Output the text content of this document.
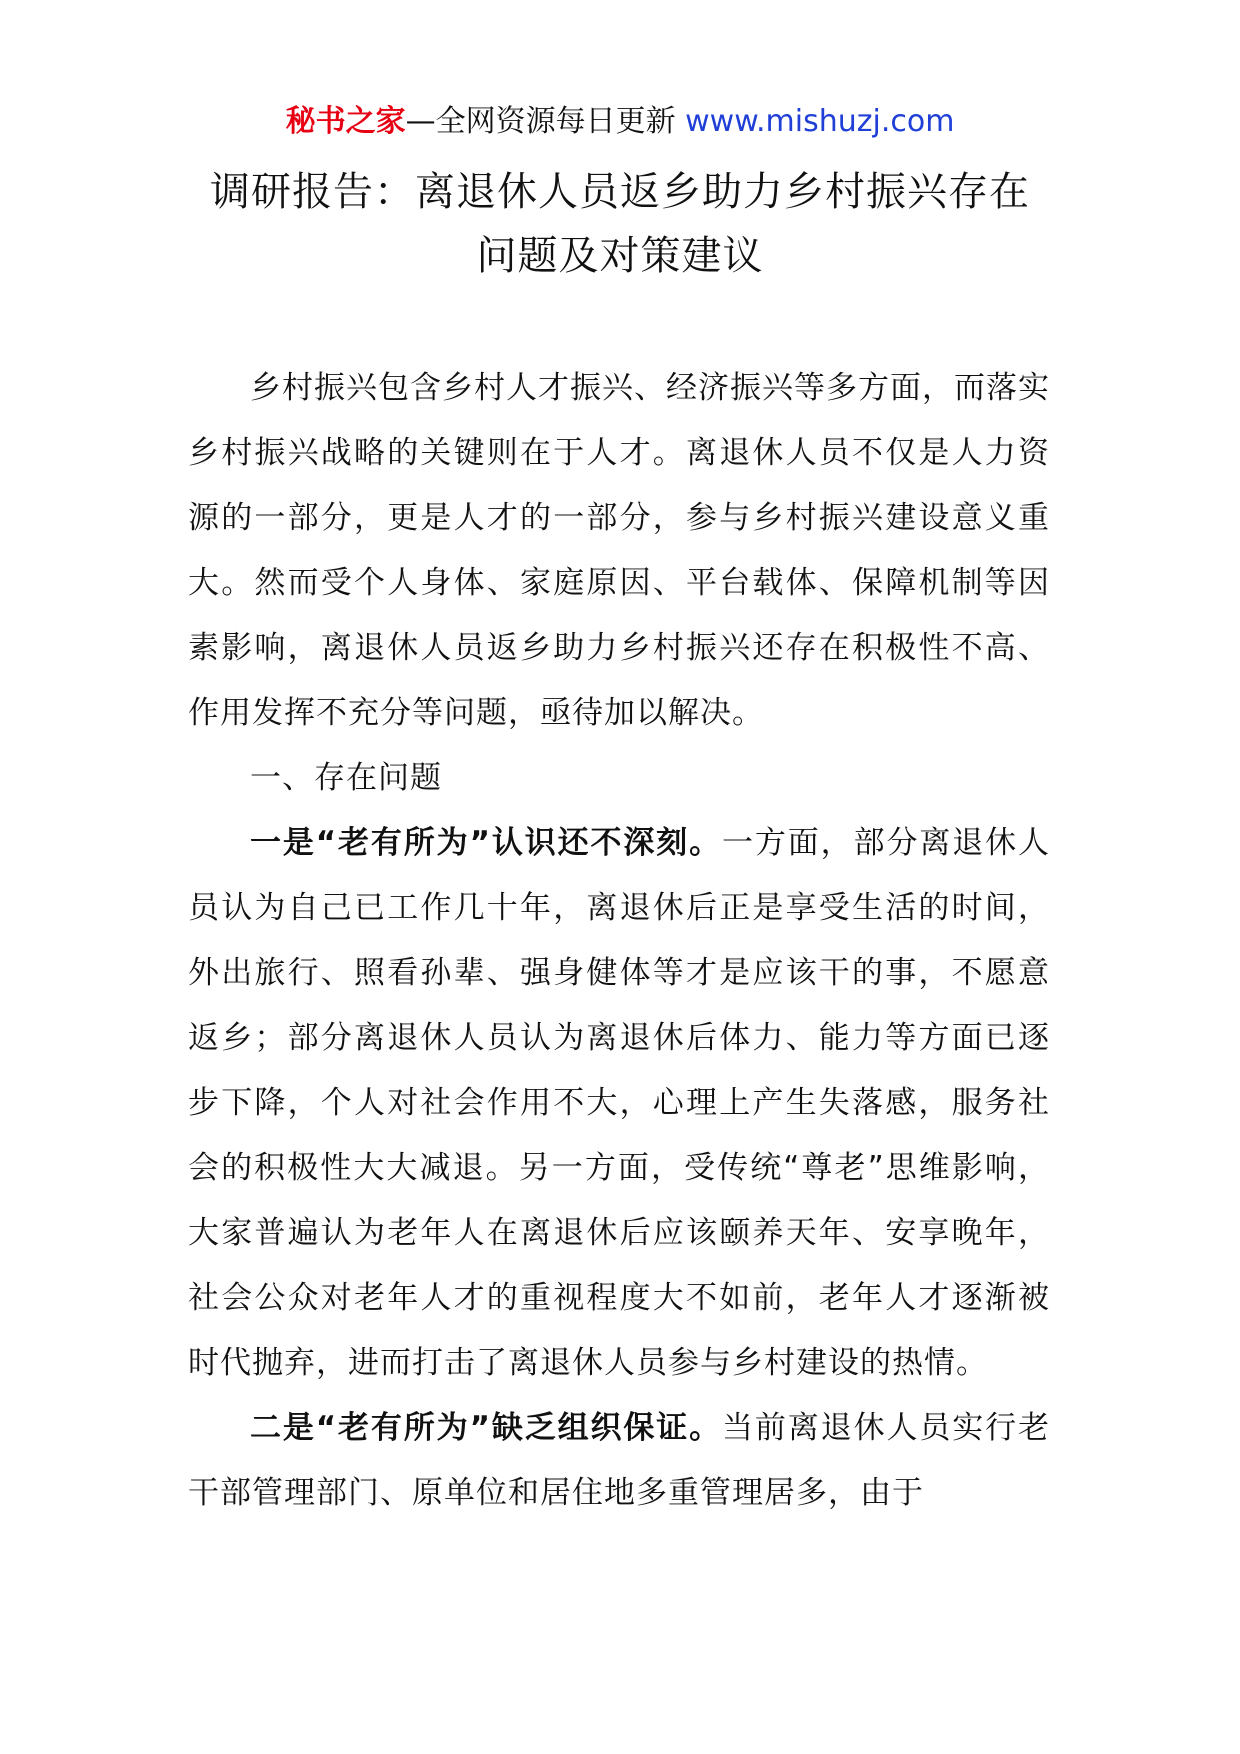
秘书之家—全网资源每日更新 www.mishuzj.com
调研报告：离退休人员返乡助力乡村振兴存在问题及对策建议

乡村振兴包含乡村人才振兴、经济振兴等多方面，而落实乡村振兴战略的关键则在于人才。离退休人员不仅是人力资源的一部分，更是人才的一部分，参与乡村振兴建设意义重大。然而受个人身体、家庭原因、平台载体、保障机制等因素影响，离退休人员返乡助力乡村振兴还存在积极性不高、作用发挥不充分等问题，亟待加以解决。

一、存在问题

一是“老有所为”认识还不深刻。一方面，部分离退休人员认为自己已工作几十年，离退休后正是享受生活的时间，外出旅行、照看孙辈、强身健体等才是应该干的事，不愿意返乡；部分离退休人员认为离退休后体力、能力等方面已逐步下降，个人对社会作用不大，心理上产生失落感，服务社会的积极性大大减退。另一方面，受传统“尊老”思维影响，大家普遍认为老年人在离退休后应该颐养天年、安享晚年，社会公众对老年人才的重视程度大不如前，老年人才逐渐被时代抛弃，进而打击了离退休人员参与乡村建设的热情。

二是“老有所为”缺乏组织保证。当前离退休人员实行老干部管理部门、原单位和居住地多重管理居多，由于
